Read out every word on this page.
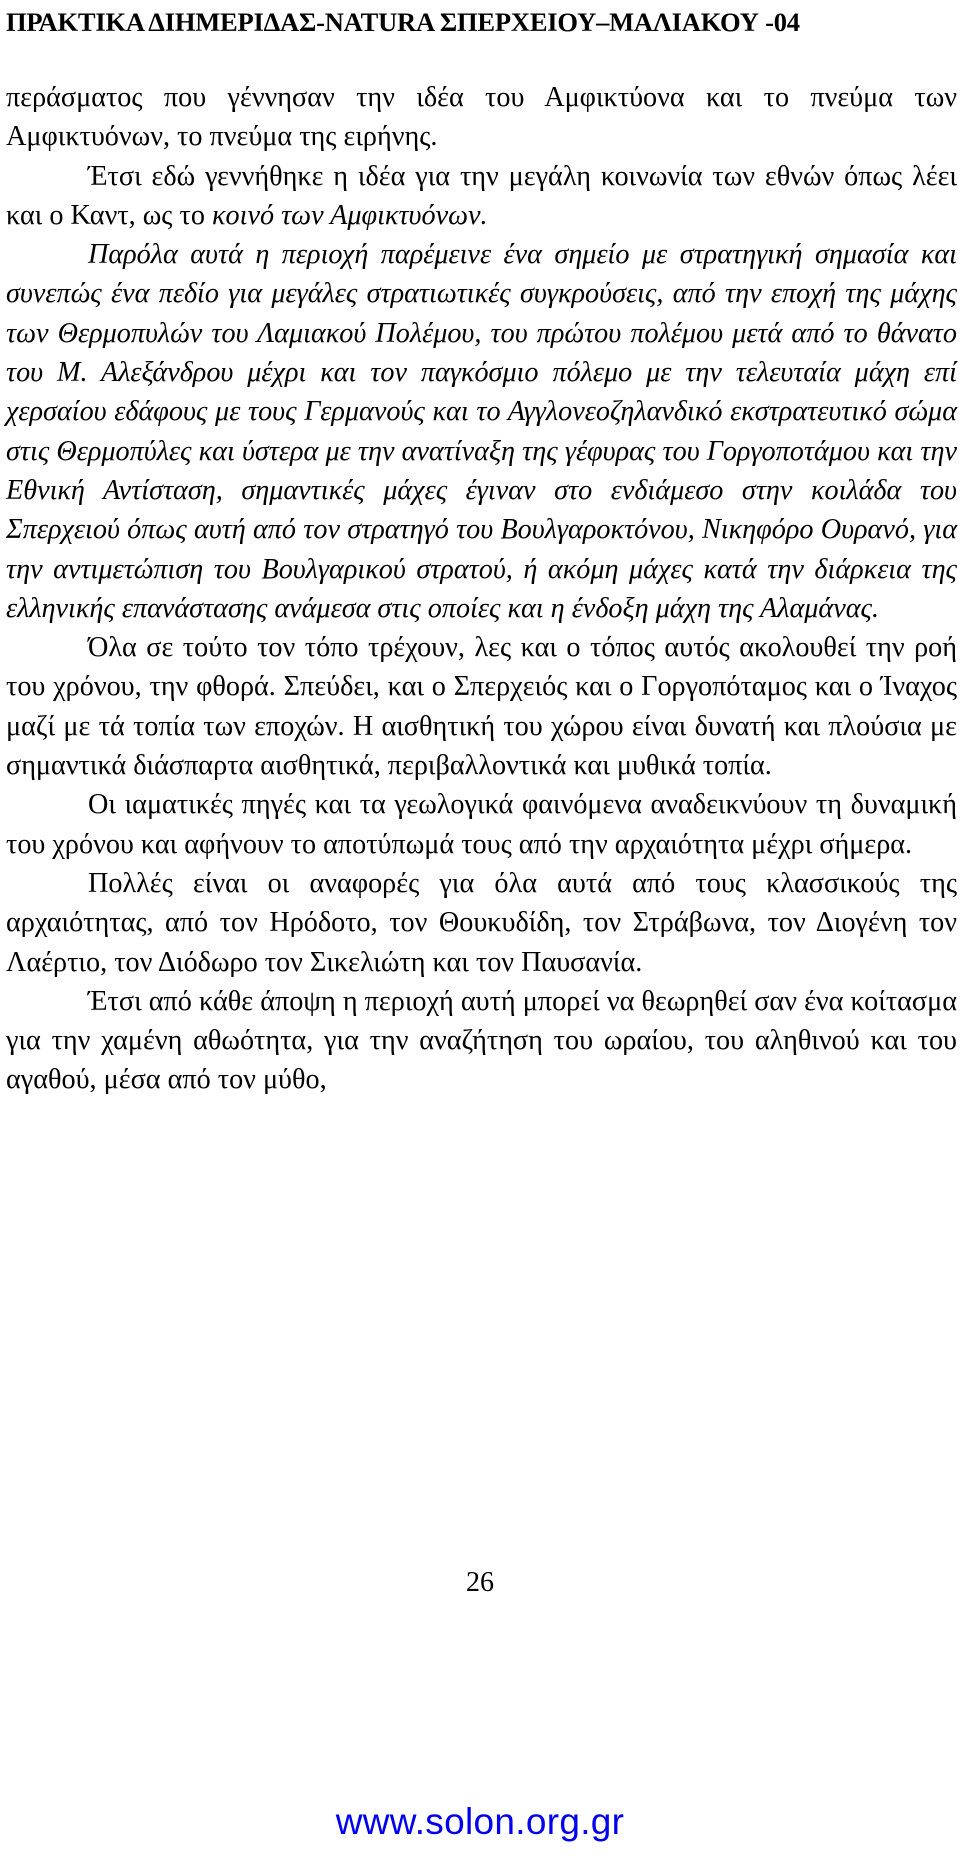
ΠΡΑΚΤΙΚΑ ΔΙΗΜΕΡΙΔΑΣ-NATURA ΣΠΕΡΧΕΙΟΥ–ΜΑΛΙΑΚΟΥ -04

περάσματος που γέννησαν την ιδέα του Αμφικτύονα και το πνεύμα των Αμφικτυόνων, το πνεύμα της ειρήνης.

Έτσι εδώ γεννήθηκε η ιδέα για την μεγάλη κοινωνία των εθνών όπως λέει και ο Καντ, ως το κοινό των Αμφικτυόνων.

Παρόλα αυτά η περιοχή παρέμεινε ένα σημείο με στρατηγική σημασία και συνεπώς ένα πεδίο για μεγάλες στρατιωτικές συγκρούσεις, από την εποχή της μάχης των Θερμοπυλών του Λαμιακού Πολέμου, του πρώτου πολέμου μετά από το θάνατο του Μ. Αλεξάνδρου μέχρι και τον παγκόσμιο πόλεμο με την τελευταία μάχη επί χερσαίου εδάφους με τους Γερμανούς και το Αγγλονεοζηλανδικό εκστρατευτικό σώμα στις Θερμοπύλες και ύστερα με την ανατίναξη της γέφυρας του Γοργοποτάμου και την Εθνική Αντίσταση, σημαντικές μάχες έγιναν στο ενδιάμεσο στην κοιλάδα του Σπερχειού όπως αυτή από τον στρατηγό του Βουλγαροκτόνου, Νικηφόρο Ουρανό, για την αντιμετώπιση του Βουλγαρικού στρατού, ή ακόμη μάχες κατά την διάρκεια της ελληνικής επανάστασης ανάμεσα στις οποίες και η ένδοξη μάχη της Αλαμάνας.

Όλα σε τούτο τον τόπο τρέχουν, λες και ο τόπος αυτός ακολουθεί την ροή του χρόνου, την φθορά. Σπεύδει, και ο Σπερχειός και ο Γοργοπόταμος και ο Ίναχος μαζί με τά τοπία των εποχών. Η αισθητική του χώρου είναι δυνατή και πλούσια με σημαντικά διάσπαρτα αισθητικά, περιβαλλοντικά και μυθικά τοπία.

Οι ιαματικές πηγές και τα γεωλογικά φαινόμενα αναδεικνύουν τη δυναμική του χρόνου και αφήνουν το αποτύπωμά τους από την αρχαιότητα μέχρι σήμερα.

Πολλές είναι οι αναφορές για όλα αυτά από τους κλασσικούς της αρχαιότητας, από τον Ηρόδοτο, τον Θουκυδίδη, τον Στράβωνα, τον Διογένη τον Λαέρτιο, τον Διόδωρο τον Σικελιώτη και τον Παυσανία.

Έτσι από κάθε άποψη η περιοχή αυτή μπορεί να θεωρηθεί σαν ένα κοίτασμα για την χαμένη αθωότητα, για την αναζήτηση του ωραίου, του αληθινού και του αγαθού, μέσα από τον μύθο,

26
www.solon.org.gr
